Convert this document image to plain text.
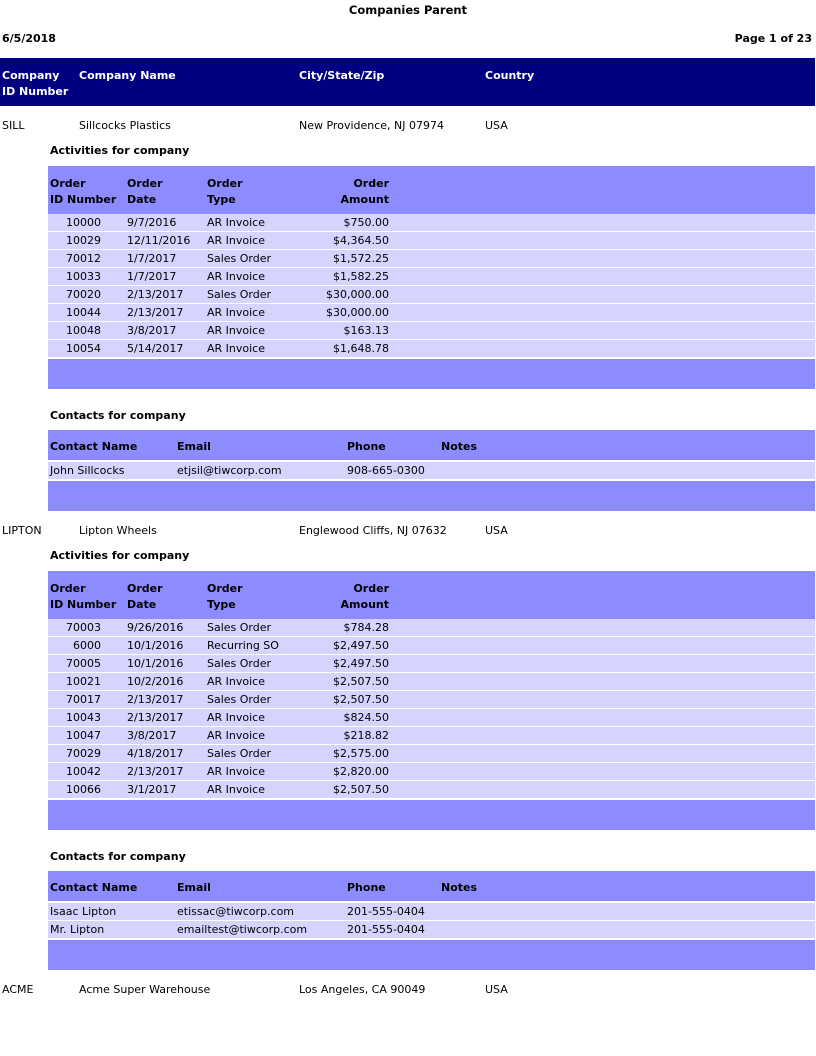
Companies Parent
6/5/2018	Page 1 of 23
Company
ID Number
Company Name	City/State/Zip	Country
SILL	Sillcocks Plastics	New Providence, NJ 07974	USA
Activities for company
Order
ID Number
Order
Date
Order
Type
Order
Amount
10000 9/7/2016	AR Invoice	$750.00
10029 12/11/2016 AR Invoice	$4,364.50
70012 1/7/2017	Sales Order	$1,572.25
10033 1/7/2017	AR Invoice	$1,582.25
70020 2/13/2017 Sales Order	$30,000.00
10044 2/13/2017 AR Invoice	$30,000.00
10048 3/8/2017	AR Invoice	$163.13
10054 5/14/2017 AR Invoice	$1,648.78
Contacts for company
Contact Name	Email	Phone	Notes
John Sillcocks	etjsil@tiwcorp.com	908-665-0300
LIPTON	Lipton Wheels	Englewood Cliffs, NJ 07632	USA
Activities for company
Order
ID Number
Order
Date
Order
Type
Order
Amount
70003 9/26/2016 Sales Order	$784.28
6000 10/1/2016 Recurring SO	$2,497.50
70005 10/1/2016 Sales Order	$2,497.50
10021 10/2/2016 AR Invoice	$2,507.50
70017 2/13/2017 Sales Order	$2,507.50
10043 2/13/2017 AR Invoice	$824.50
10047 3/8/2017	AR Invoice	$218.82
70029 4/18/2017 Sales Order	$2,575.00
10042 2/13/2017 AR Invoice	$2,820.00
10066 3/1/2017	AR Invoice	$2,507.50
Contacts for company
Contact Name	Email	Phone	Notes
Isaac Lipton	etissac@tiwcorp.com	201-555-0404
Mr. Lipton	emailtest@tiwcorp.com	201-555-0404
ACME	Acme Super Warehouse	Los Angeles, CA 90049	USA
